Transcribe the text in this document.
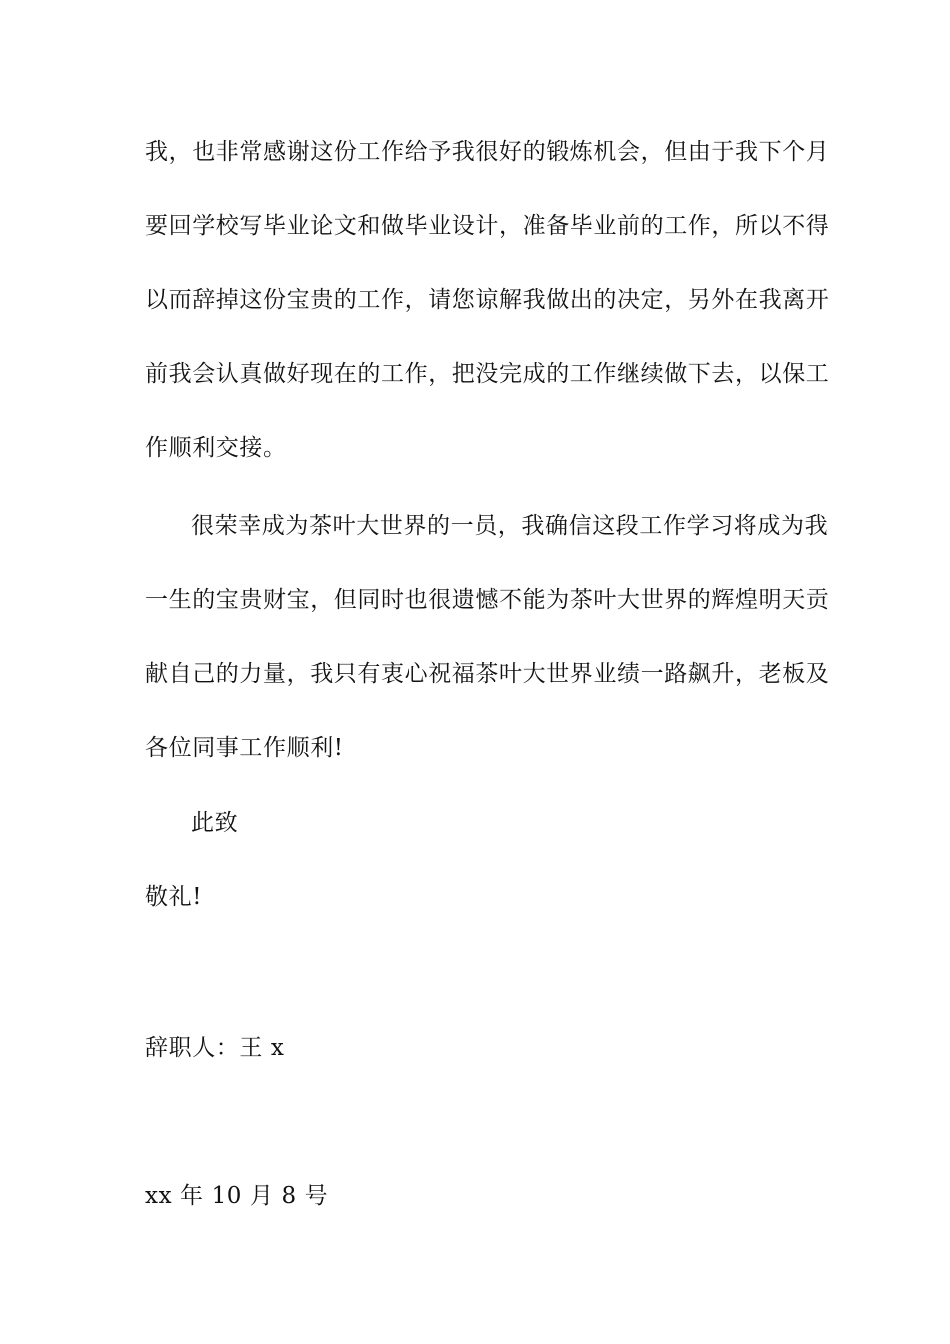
我，也非常感谢这份工作给予我很好的锻炼机会，但由于我下个月
要回学校写毕业论文和做毕业设计，准备毕业前的工作，所以不得
以而辞掉这份宝贵的工作，请您谅解我做出的决定，另外在我离开
前我会认真做好现在的工作，把没完成的工作继续做下去，以保工
作顺利交接。
很荣幸成为茶叶大世界的一员，我确信这段工作学习将成为我
一生的宝贵财宝，但同时也很遗憾不能为茶叶大世界的辉煌明天贡
献自己的力量，我只有衷心祝福茶叶大世界业绩一路飙升，老板及
各位同事工作顺利!
此致
敬礼!
辞职人：王 x
xx 年 10 月 8 号
